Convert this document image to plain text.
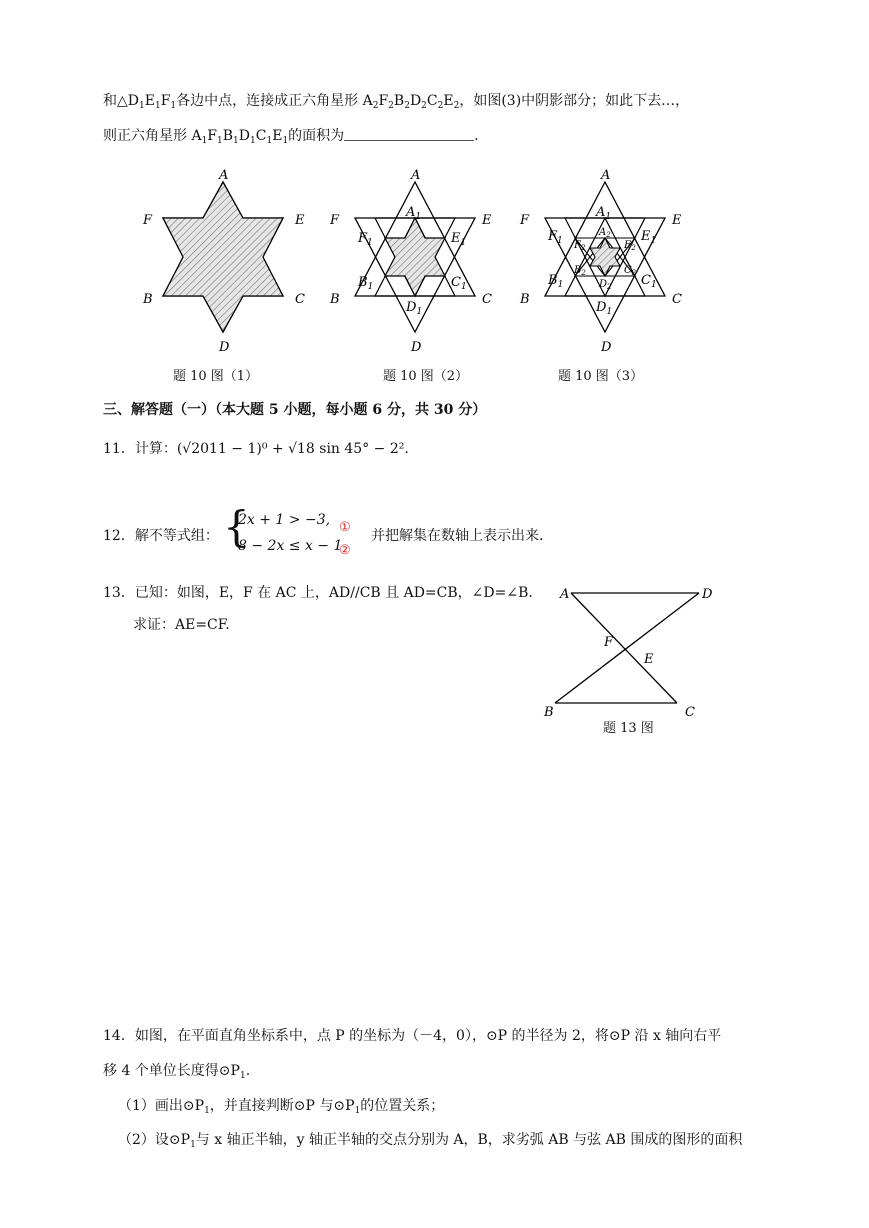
和$\triangle D_1E_1F_1$各边中点，连接成正六角星形 $A_2F_2B_2D_2C_2E_2$，如图(3)中阴影部分；如此下去…，
则正六角星形 $A_1F_1B_1D_1C_1E_1$的面积为	.
A
F	E
B	C
D
A
F	E
B	C
D
$A_1$
$F_1$	$E_1$
$B_1$	$C_1$
$D_1$
A
F	E
B	C
D
$A_1$
$F_1$	$E_1$
$B_1$	$C_1$
$D_1$
$A_2$
$F_2$	$E_2$
$B_2$	$C_2$
$D_2$
题 10 图（1）	题 10 图（2）	题 10 图（3）
三、解答题（一）（本大题 5 小题，每小题 6 分，共 30 分）
11．计算：(√2011 − 1)⁰ + √18 sin 45° − 2².
12．解不等式组： {
2x + 1 > −3,
8 − 2x ≤ x − 1
①
②
并把解集在数轴上表示出来.
13．已知：如图，E，F 在 AC 上，AD//CB 且 AD=CB，∠D=∠B.
求证：AE=CF.
A	D
F
E
B	C
题 13 图
14．如图，在平面直角坐标系中，点 P 的坐标为（－4，0），⊙P 的半径为 2，将⊙P 沿 x 轴向右平
移 4 个单位长度得$⊙P_1$.
（1）画出$⊙P_1$，并直接判断⊙P 与$⊙P_1$的位置关系；
（2）设$⊙P_1$与 x 轴正半轴，y 轴正半轴的交点分别为 A，B，求劣弧 AB 与弦 AB 围成的图形的面积
